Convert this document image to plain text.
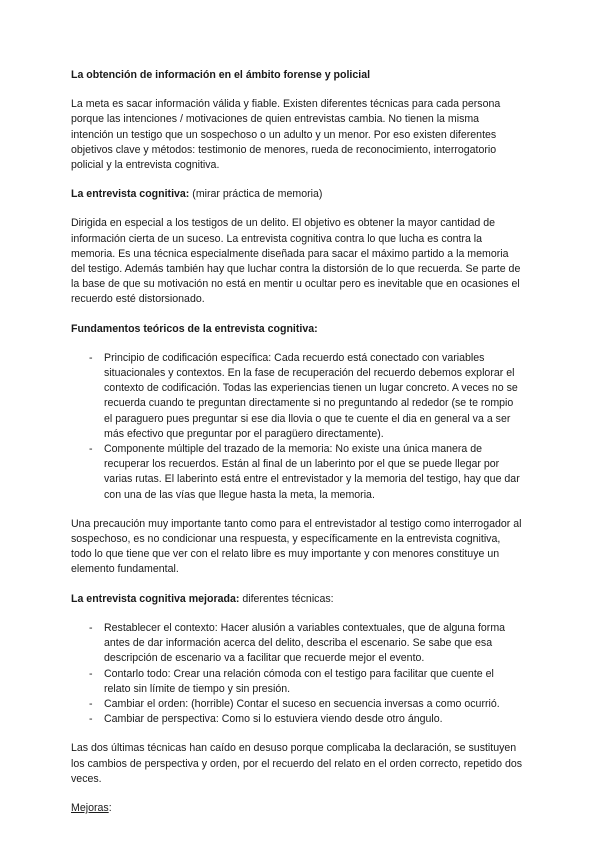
La obtención de información en el ámbito forense y policial

La meta es sacar información válida y fiable. Existen diferentes técnicas para cada persona porque las intenciones / motivaciones de quien entrevistas cambia. No tienen la misma intención un testigo que un sospechoso o un adulto y un menor. Por eso existen diferentes objetivos clave y métodos: testimonio de menores, rueda de reconocimiento, interrogatorio policial y la entrevista cognitiva.

La entrevista cognitiva: (mirar práctica de memoria)

Dirigida en especial a los testigos de un delito. El objetivo es obtener la mayor cantidad de información cierta de un suceso. La entrevista cognitiva contra lo que lucha es contra la memoria. Es una técnica especialmente diseñada para sacar el máximo partido a la memoria del testigo. Además también hay que luchar contra la distorsión de lo que recuerda. Se parte de la base de que su motivación no está en mentir u ocultar pero es inevitable que en ocasiones el recuerdo esté distorsionado.

Fundamentos teóricos de la entrevista cognitiva:
- Principio de codificación específica: Cada recuerdo está conectado con variables situacionales y contextos. En la fase de recuperación del recuerdo debemos explorar el contexto de codificación. Todas las experiencias tienen un lugar concreto. A veces no se recuerda cuando te preguntan directamente si no preguntando al rededor (se te rompio el paraguero pues preguntar si ese dia llovia o que te cuente el dia en general va a ser más efectivo que preguntar por el paragüero directamente).
- Componente múltiple del trazado de la memoria: No existe una única manera de recuperar los recuerdos. Están al final de un laberinto por el que se puede llegar por varias rutas. El laberinto está entre el entrevistador y la memoria del testigo, hay que dar con una de las vías que llegue hasta la meta, la memoria.

Una precaución muy importante tanto como para el entrevistador al testigo como interrogador al sospechoso, es no condicionar una respuesta, y específicamente en la entrevista cognitiva, todo lo que tiene que ver con el relato libre es muy importante y con menores constituye un elemento fundamental.

La entrevista cognitiva mejorada: diferentes técnicas:
- Restablecer el contexto: Hacer alusión a variables contextuales, que de alguna forma antes de dar información acerca del delito, describa el escenario. Se sabe que esa descripción de escenario va a facilitar que recuerde mejor el evento.
- Contarlo todo: Crear una relación cómoda con el testigo para facilitar que cuente el relato sin límite de tiempo y sin presión.
- Cambiar el orden: (horrible) Contar el suceso en secuencia inversas a como ocurrió.
- Cambiar de perspectiva: Como si lo estuviera viendo desde otro ángulo.

Las dos últimas técnicas han caído en desuso porque complicaba la declaración, se sustituyen los cambios de perspectiva y orden, por el recuerdo del relato en el orden correcto, repetido dos veces.

Mejoras:
